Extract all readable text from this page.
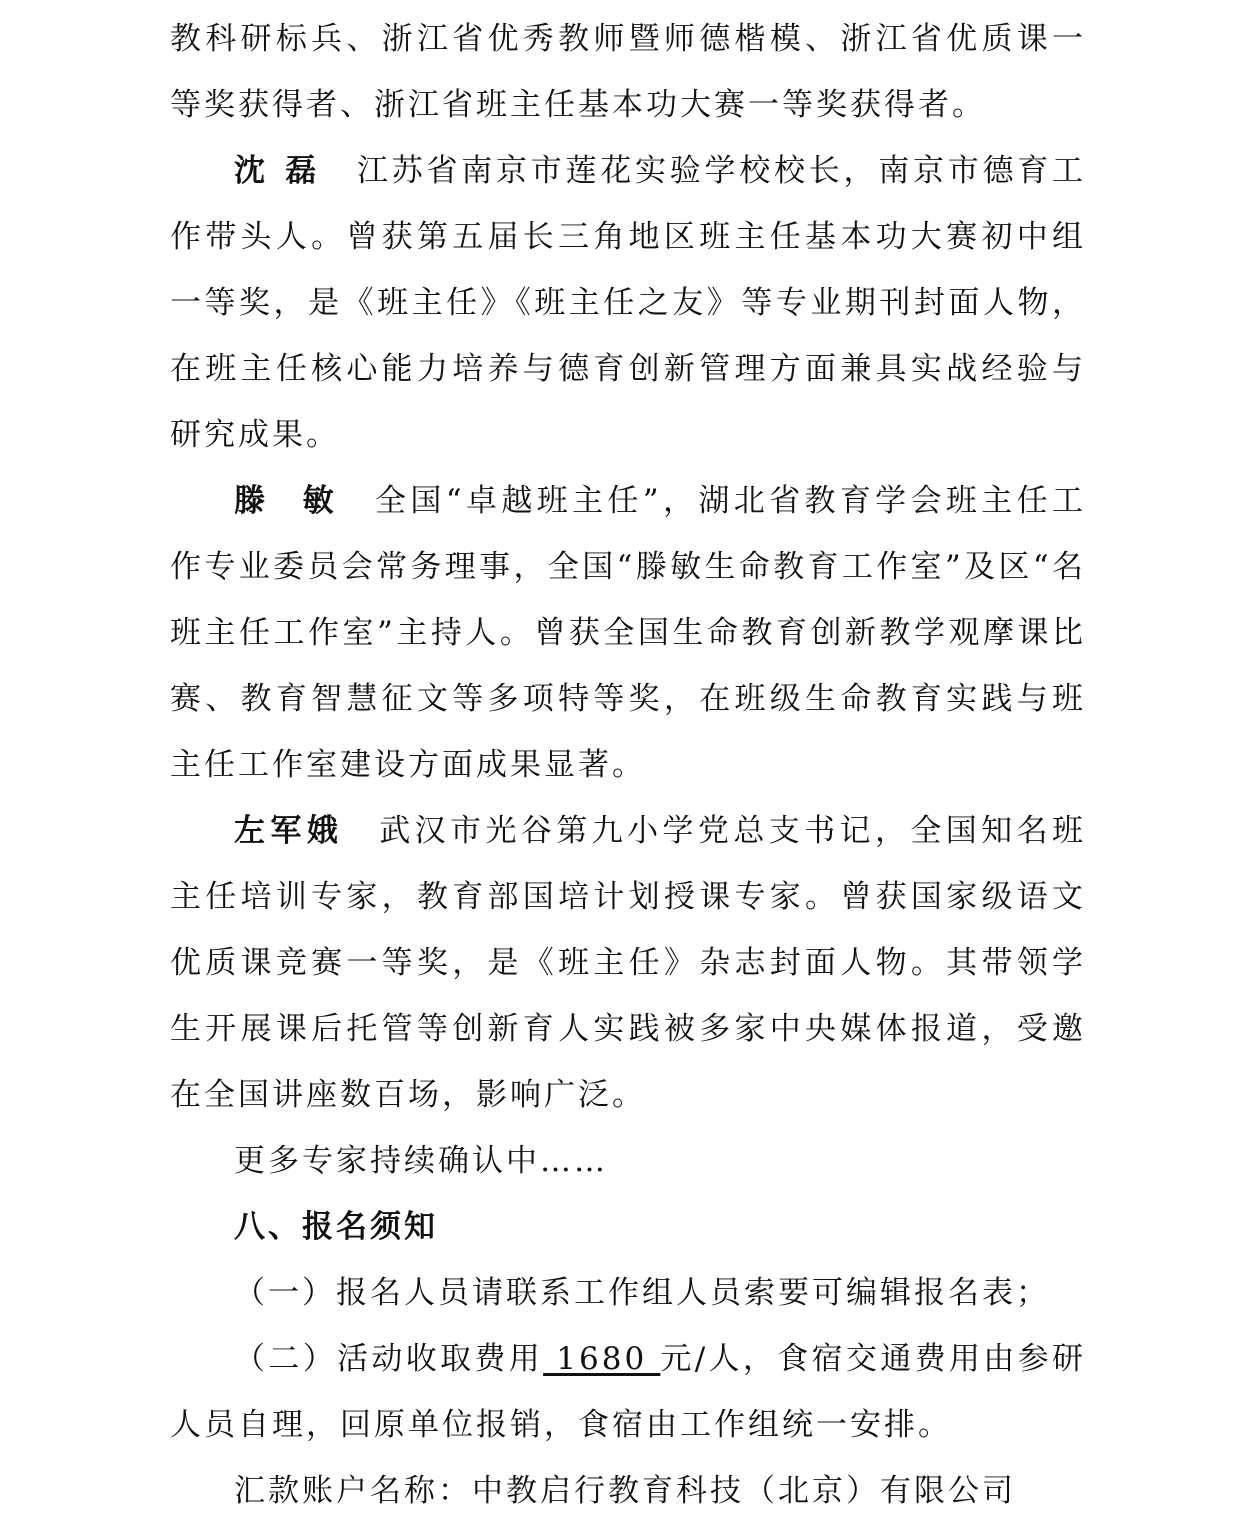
教科研标兵、浙江省优秀教师暨师德楷模、浙江省优质课一等奖获得者、浙江省班主任基本功大赛一等奖获得者。

沈 磊 江苏省南京市莲花实验学校校长，南京市德育工作带头人。曾获第五届长三角地区班主任基本功大赛初中组一等奖，是《班主任》《班主任之友》等专业期刊封面人物，在班主任核心能力培养与德育创新管理方面兼具实战经验与研究成果。

滕  敏 全国“卓越班主任”，湖北省教育学会班主任工作专业委员会常务理事，全国“滕敏生命教育工作室”及区“名班主任工作室”主持人。曾获全国生命教育创新教学观摩课比赛、教育智慧征文等多项特等奖，在班级生命教育实践与班主任工作室建设方面成果显著。

左军娥 武汉市光谷第九小学党总支书记，全国知名班主任培训专家，教育部国培计划授课专家。曾获国家级语文优质课竞赛一等奖，是《班主任》杂志封面人物。其带领学生开展课后托管等创新育人实践被多家中央媒体报道，受邀在全国讲座数百场，影响广泛。

更多专家持续确认中……

八、报名须知

（一）报名人员请联系工作组人员索要可编辑报名表；

（二）活动收取费用 1680 元/人，食宿交通费用由参研人员自理，回原单位报销，食宿由工作组统一安排。

汇款账户名称：中教启行教育科技（北京）有限公司
